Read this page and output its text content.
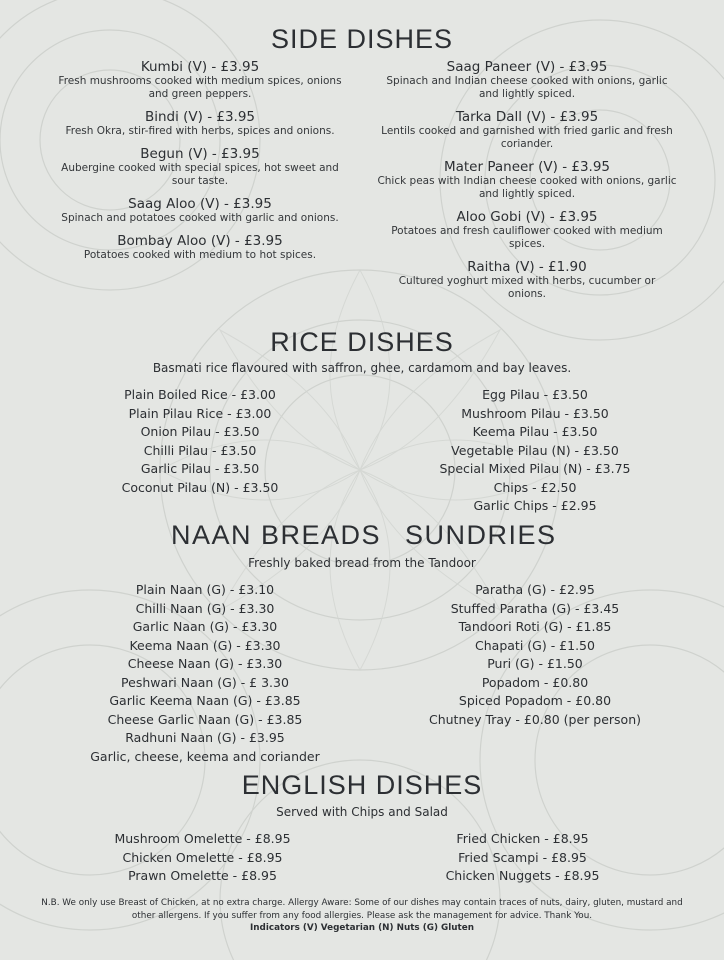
SIDE DISHES
Kumbi (V) - £3.95
Fresh mushrooms cooked with medium spices, onions and green peppers.
Bindi (V) - £3.95
Fresh Okra, stir-fired with herbs, spices and onions.
Begun (V) - £3.95
Aubergine cooked with special spices, hot sweet and sour taste.
Saag Aloo (V) - £3.95
Spinach and potatoes cooked with garlic and onions.
Bombay Aloo (V) - £3.95
Potatoes cooked with medium to hot spices.
Saag Paneer (V) - £3.95
Spinach and Indian cheese cooked with onions, garlic and lightly spiced.
Tarka Dall (V) - £3.95
Lentils cooked and garnished with fried garlic and fresh coriander.
Mater Paneer (V) - £3.95
Chick peas with Indian cheese cooked with onions, garlic and lightly spiced.
Aloo Gobi (V) - £3.95
Potatoes and fresh cauliflower cooked with medium spices.
Raitha (V) - £1.90
Cultured yoghurt mixed with herbs, cucumber or onions.
RICE DISHES
Basmati rice flavoured with saffron, ghee, cardamom and bay leaves.
Plain Boiled Rice - £3.00
Plain Pilau Rice - £3.00
Onion Pilau - £3.50
Chilli Pilau - £3.50
Garlic Pilau - £3.50
Coconut Pilau (N) - £3.50
Egg Pilau - £3.50
Mushroom Pilau - £3.50
Keema Pilau - £3.50
Vegetable Pilau (N) - £3.50
Special Mixed Pilau (N) - £3.75
Chips - £2.50
Garlic Chips - £2.95
NAAN BREADS SUNDRIES
Freshly baked bread from the Tandoor
Plain Naan (G) - £3.10
Chilli Naan (G) - £3.30
Garlic Naan (G) - £3.30
Keema Naan (G) - £3.30
Cheese Naan (G) - £3.30
Peshwari Naan (G) - £ 3.30
Garlic Keema Naan (G) - £3.85
Cheese Garlic Naan (G) - £3.85
Radhuni Naan (G) - £3.95
Garlic, cheese, keema and coriander
Paratha (G) - £2.95
Stuffed Paratha (G) - £3.45
Tandoori Roti (G) - £1.85
Chapati (G) - £1.50
Puri (G) - £1.50
Popadom - £0.80
Spiced Popadom - £0.80
Chutney Tray - £0.80 (per person)
ENGLISH DISHES
Served with Chips and Salad
Mushroom Omelette - £8.95
Chicken Omelette - £8.95
Prawn Omelette - £8.95
Fried Chicken - £8.95
Fried Scampi - £8.95
Chicken Nuggets - £8.95
N.B. We only use Breast of Chicken, at no extra charge. Allergy Aware: Some of our dishes may contain traces of nuts, dairy, gluten, mustard and other allergens. If you suffer from any food allergies. Please ask the management for advice. Thank You.
Indicators (V) Vegetarian (N) Nuts (G) Gluten
